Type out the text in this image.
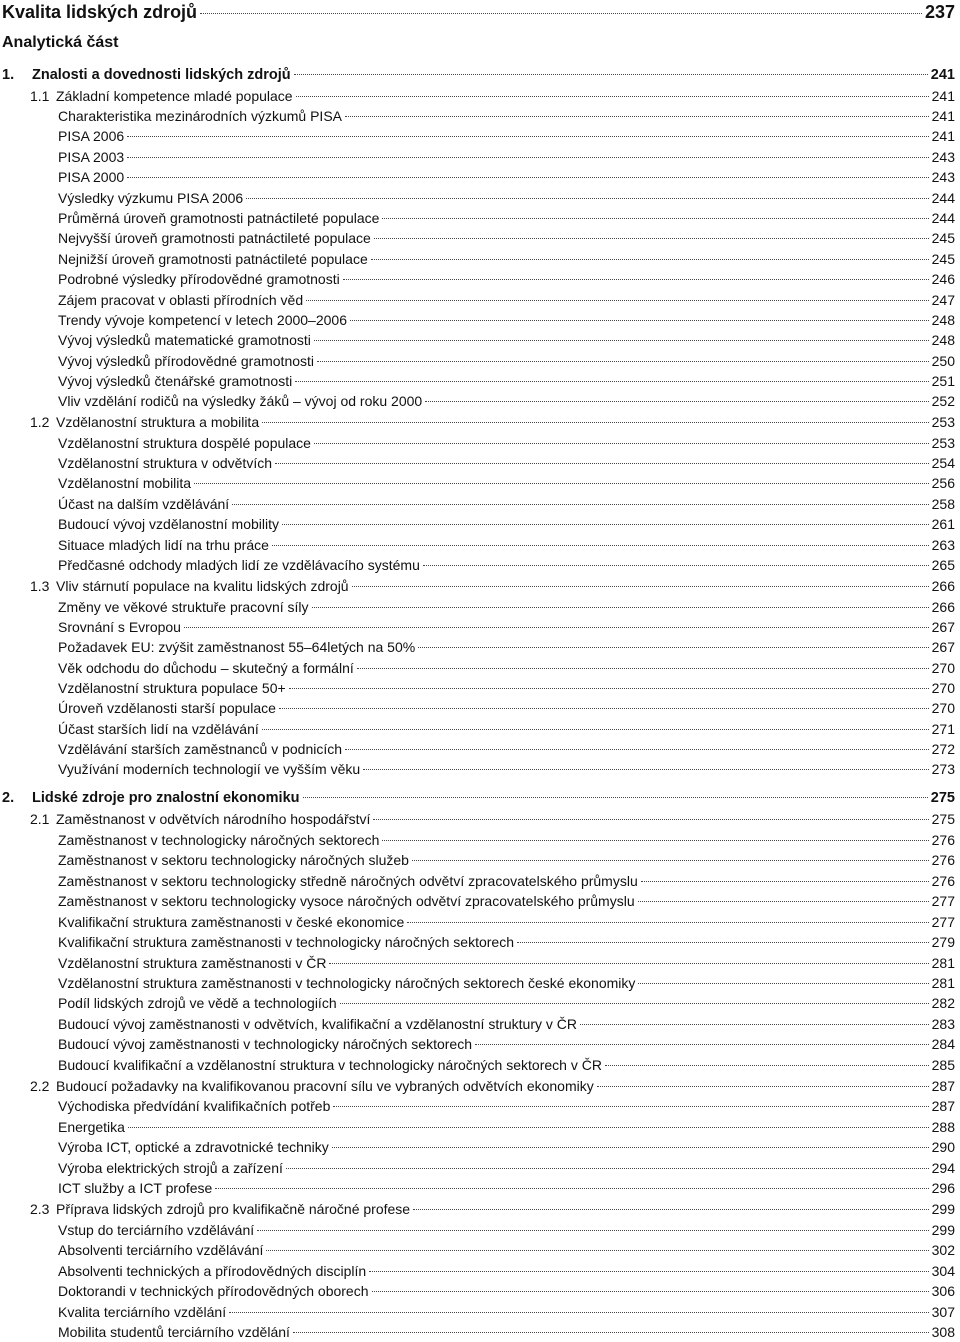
Kvalita lidských zdrojů	237
Analytická část
1.	Znalosti a dovednosti lidských zdrojů	241
1.1 Základní kompetence mladé populace	241
Charakteristika mezinárodních výzkumů PISA	241
PISA 2006	241
PISA 2003	243
PISA 2000	243
Výsledky výzkumu PISA 2006	244
Průměrná úroveň gramotnosti patnáctileté populace	244
Nejvyšší úroveň gramotnosti patnáctileté populace	245
Nejnižší úroveň gramotnosti patnáctileté populace	245
Podrobné výsledky přírodovědné gramotnosti	246
Zájem pracovat v oblasti přírodních věd	247
Trendy vývoje kompetencí v letech 2000–2006	248
Vývoj výsledků matematické gramotnosti	248
Vývoj výsledků přírodovědné gramotnosti	250
Vývoj výsledků čtenářské gramotnosti	251
Vliv vzdělání rodičů na výsledky žáků – vývoj od roku 2000	252
1.2 Vzdělanostní struktura a mobilita	253
Vzdělanostní struktura dospělé populace	253
Vzdělanostní struktura v odvětvích	254
Vzdělanostní mobilita	256
Účast na dalším vzdělávání	258
Budoucí vývoj vzdělanostní mobility	261
Situace mladých lidí na trhu práce	263
Předčasné odchody mladých lidí ze vzdělávacího systému	265
1.3 Vliv stárnutí populace na kvalitu lidských zdrojů	266
Změny ve věkové struktuře pracovní síly	266
Srovnání s Evropou	267
Požadavek EU: zvýšit zaměstnanost 55–64letých na 50%	267
Věk odchodu do důchodu – skutečný a formální	270
Vzdělanostní struktura populace 50+	270
Úroveň vzdělanosti starší populace	270
Účast starších lidí na vzdělávání	271
Vzdělávání starších zaměstnanců v podnicích	272
Využívání moderních technologií ve vyšším věku	273
2.	Lidské zdroje pro znalostní ekonomiku	275
2.1 Zaměstnanost v odvětvích národního hospodářství	275
Zaměstnanost v technologicky náročných sektorech	276
Zaměstnanost v sektoru technologicky náročných služeb	276
Zaměstnanost v sektoru technologicky středně náročných odvětví zpracovatelského průmyslu	276
Zaměstnanost v sektoru technologicky vysoce náročných odvětví zpracovatelského průmyslu	277
Kvalifikační struktura zaměstnanosti v české ekonomice	277
Kvalifikační struktura zaměstnanosti v technologicky náročných sektorech	279
Vzdělanostní struktura zaměstnanosti v ČR	281
Vzdělanostní struktura zaměstnanosti v technologicky náročných sektorech české ekonomiky	281
Podíl lidských zdrojů ve vědě a technologiích	282
Budoucí vývoj zaměstnanosti v odvětvích, kvalifikační a vzdělanostní struktury v ČR	283
Budoucí vývoj zaměstnanosti v technologicky náročných sektorech	284
Budoucí kvalifikační a vzdělanostní struktura v technologicky náročných sektorech v ČR	285
2.2 Budoucí požadavky na kvalifikovanou pracovní sílu ve vybraných odvětvích ekonomiky	287
Východiska předvídání kvalifikačních potřeb	287
Energetika	288
Výroba ICT, optické a zdravotnické techniky	290
Výroba elektrických strojů a zařízení	294
ICT služby a ICT profese	296
2.3 Příprava lidských zdrojů pro kvalifikačně náročné profese	299
Vstup do terciárního vzdělávání	299
Absolventi terciárního vzdělávání	302
Absolventi technických a přírodovědných disciplín	304
Doktorandi v technických přírodovědných oborech	306
Kvalita terciárního vzdělání	307
Mobilita studentů terciárního vzdělání	308
